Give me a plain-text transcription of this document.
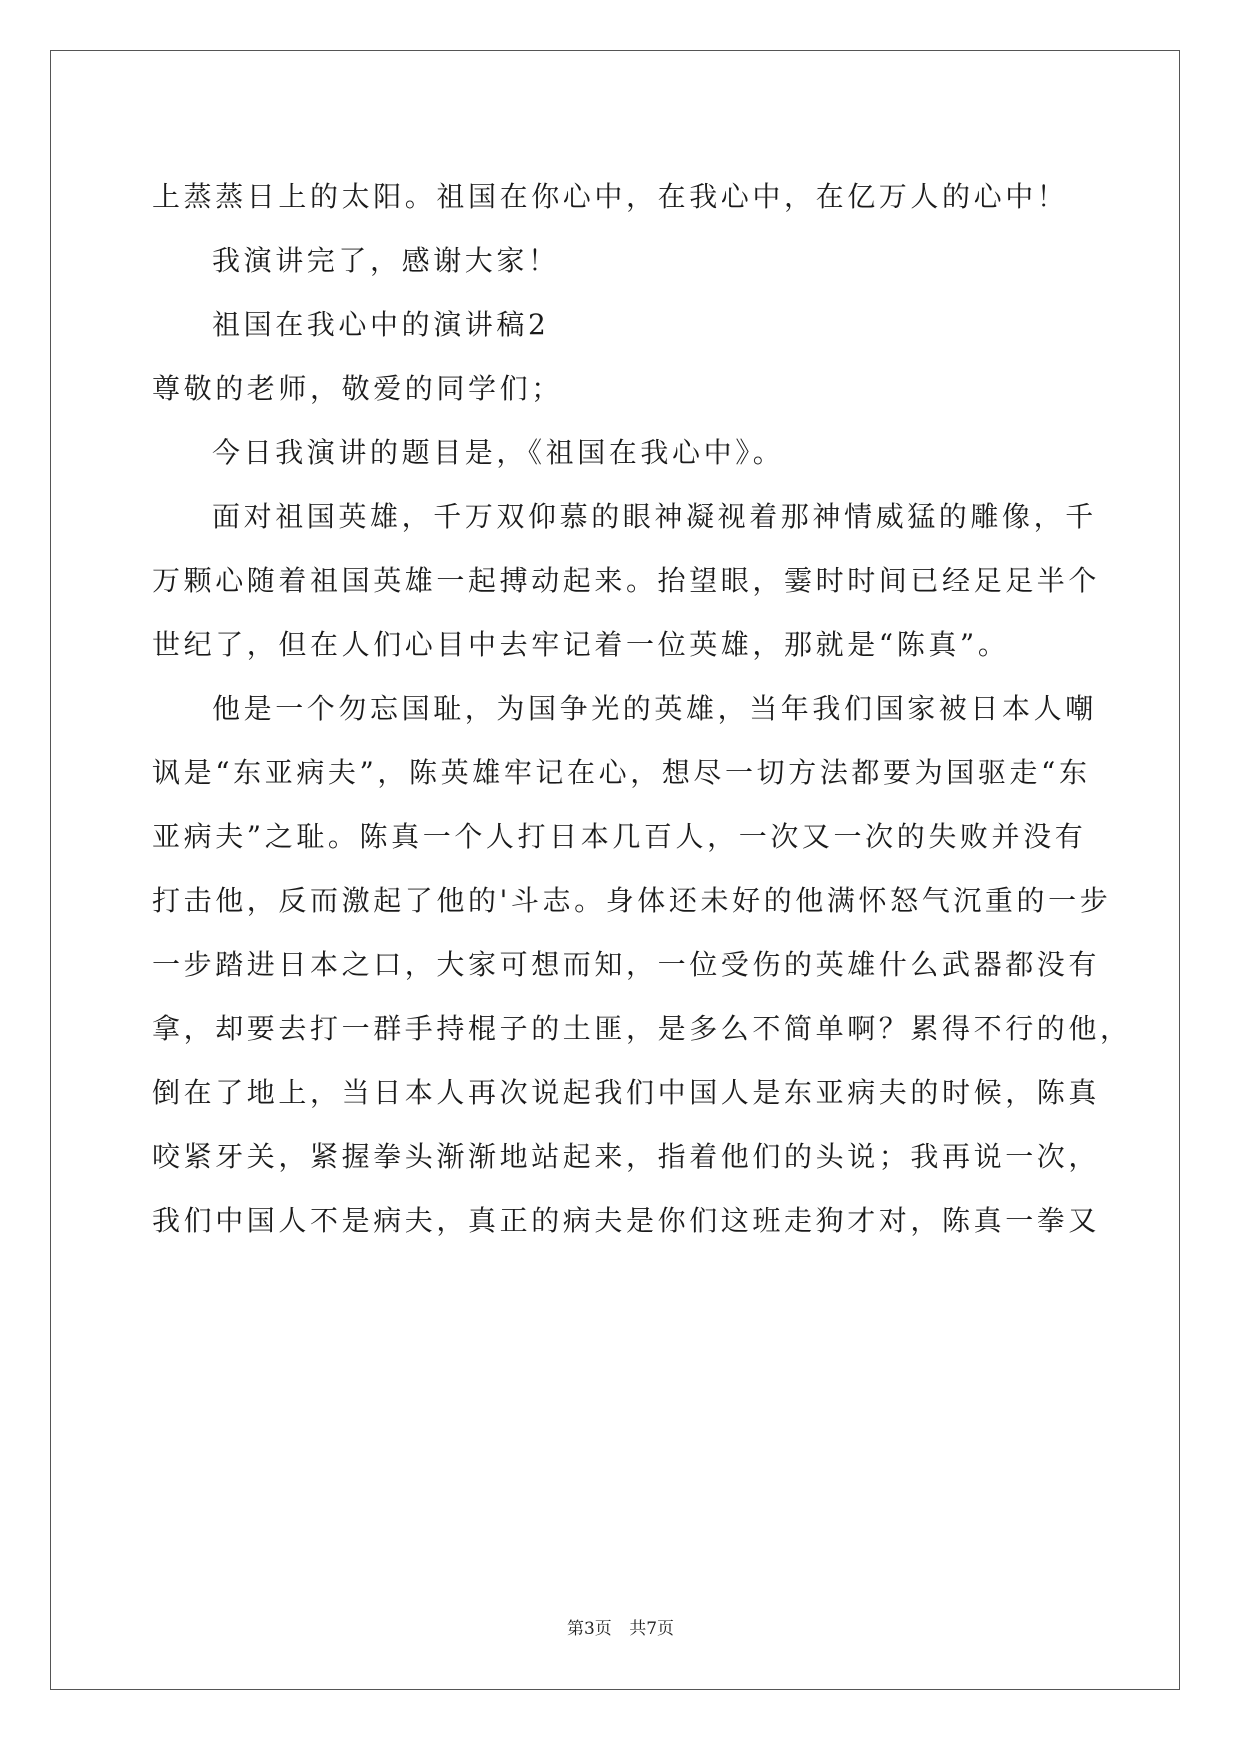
上蒸蒸日上的太阳。祖国在你心中，在我心中，在亿万人的心中！
我演讲完了，感谢大家！
祖国在我心中的演讲稿2
尊敬的老师，敬爱的同学们；
今日我演讲的题目是，《祖国在我心中》。
面对祖国英雄，千万双仰慕的眼神凝视着那神情威猛的雕像，千
万颗心随着祖国英雄一起搏动起来。抬望眼，霎时时间已经足足半个
世纪了，但在人们心目中去牢记着一位英雄，那就是“陈真”。
他是一个勿忘国耻，为国争光的英雄，当年我们国家被日本人嘲
讽是“东亚病夫”，陈英雄牢记在心，想尽一切方法都要为国驱走“东
亚病夫”之耻。陈真一个人打日本几百人，一次又一次的失败并没有
打击他，反而激起了他的'斗志。身体还未好的他满怀怒气沉重的一步
一步踏进日本之口，大家可想而知，一位受伤的英雄什么武器都没有
拿，却要去打一群手持棍子的土匪，是多么不简单啊？累得不行的他，
倒在了地上，当日本人再次说起我们中国人是东亚病夫的时候，陈真
咬紧牙关，紧握拳头渐渐地站起来，指着他们的头说；我再说一次，
我们中国人不是病夫，真正的病夫是你们这班走狗才对，陈真一拳又
第3页 共7页
